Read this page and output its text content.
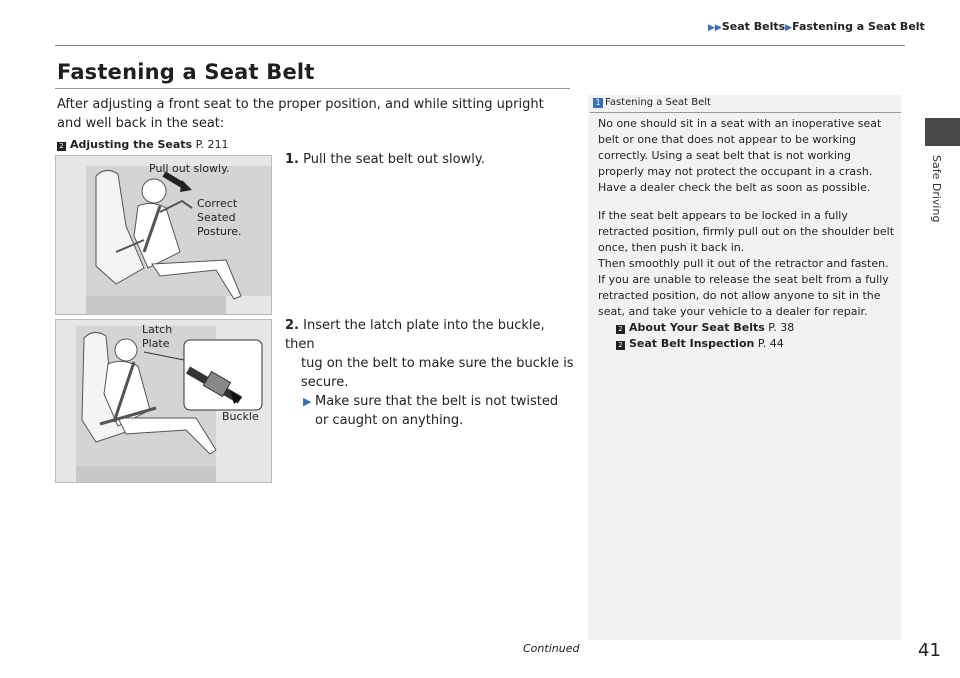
▶▶Seat Belts▶Fastening a Seat Belt
Safe Driving
Fastening a Seat Belt
After adjusting a front seat to the proper position, and while sitting upright and well back in the seat:
2 Adjusting the Seats P. 211
1. Pull the seat belt out slowly.
2. Insert the latch plate into the buckle, then
tug on the belt to make sure the buckle is secure.
▶ Make sure that the belt is not twisted or caught on anything.
Pull out slowly.
Correct
Seated
Posture.
Latch
Plate
Buckle
1 Fastening a Seat Belt

No one should sit in a seat with an inoperative seat belt or one that does not appear to be working correctly. Using a seat belt that is not working properly may not protect the occupant in a crash. Have a dealer check the belt as soon as possible.

If the seat belt appears to be locked in a fully retracted position, firmly pull out on the shoulder belt once, then push it back in.

Then smoothly pull it out of the retractor and fasten.

If you are unable to release the seat belt from a fully retracted position, do not allow anyone to sit in the seat, and take your vehicle to a dealer for repair.

2 About Your Seat Belts P. 38
2 Seat Belt Inspection P. 44
Continued	41
